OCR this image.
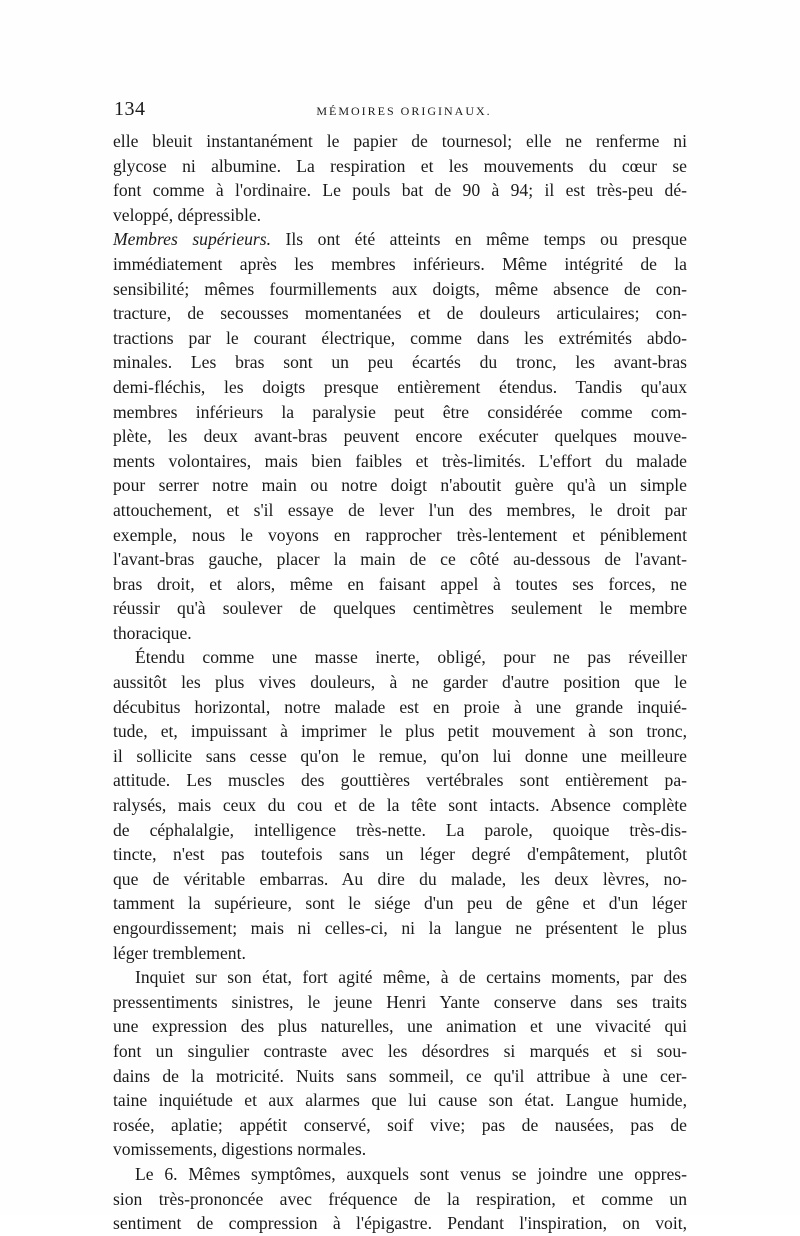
134	MÉMOIRES ORIGINAUX.
elle bleuit instantanément le papier de tournesol; elle ne renferme ni
glycose ni albumine. La respiration et les mouvements du cœur se
font comme à l'ordinaire. Le pouls bat de 90 à 94; il est très-peu dé-
veloppé, dépressible.
Membres supérieurs. Ils ont été atteints en même temps ou presque
immédiatement après les membres inférieurs. Même intégrité de la
sensibilité; mêmes fourmillements aux doigts, même absence de con-
tracture, de secousses momentanées et de douleurs articulaires; con-
tractions par le courant électrique, comme dans les extrémités abdo-
minales. Les bras sont un peu écartés du tronc, les avant-bras
demi-fléchis, les doigts presque entièrement étendus. Tandis qu'aux
membres inférieurs la paralysie peut être considérée comme com-
plète, les deux avant-bras peuvent encore exécuter quelques mouve-
ments volontaires, mais bien faibles et très-limités. L'effort du malade
pour serrer notre main ou notre doigt n'aboutit guère qu'à un simple
attouchement, et s'il essaye de lever l'un des membres, le droit par
exemple, nous le voyons en rapprocher très-lentement et péniblement
l'avant-bras gauche, placer la main de ce côté au-dessous de l'avant-
bras droit, et alors, même en faisant appel à toutes ses forces, ne
réussir qu'à soulever de quelques centimètres seulement le membre
thoracique.
Étendu comme une masse inerte, obligé, pour ne pas réveiller
aussitôt les plus vives douleurs, à ne garder d'autre position que le
décubitus horizontal, notre malade est en proie à une grande inquié-
tude, et, impuissant à imprimer le plus petit mouvement à son tronc,
il sollicite sans cesse qu'on le remue, qu'on lui donne une meilleure
attitude. Les muscles des gouttières vertébrales sont entièrement pa-
ralysés, mais ceux du cou et de la tête sont intacts. Absence complète
de céphalalgie, intelligence très-nette. La parole, quoique très-dis-
tincte, n'est pas toutefois sans un léger degré d'empâtement, plutôt
que de véritable embarras. Au dire du malade, les deux lèvres, no-
tamment la supérieure, sont le siége d'un peu de gêne et d'un léger
engourdissement; mais ni celles-ci, ni la langue ne présentent le plus
léger tremblement.
Inquiet sur son état, fort agité même, à de certains moments, par des
pressentiments sinistres, le jeune Henri Yante conserve dans ses traits
une expression des plus naturelles, une animation et une vivacité qui
font un singulier contraste avec les désordres si marqués et si sou-
dains de la motricité. Nuits sans sommeil, ce qu'il attribue à une cer-
taine inquiétude et aux alarmes que lui cause son état. Langue humide,
rosée, aplatie; appétit conservé, soif vive; pas de nausées, pas de
vomissements, digestions normales.
Le 6. Mêmes symptômes, auxquels sont venus se joindre une oppres-
sion très-prononcée avec fréquence de la respiration, et comme un
sentiment de compression à l'épigastre. Pendant l'inspiration, on voit,
